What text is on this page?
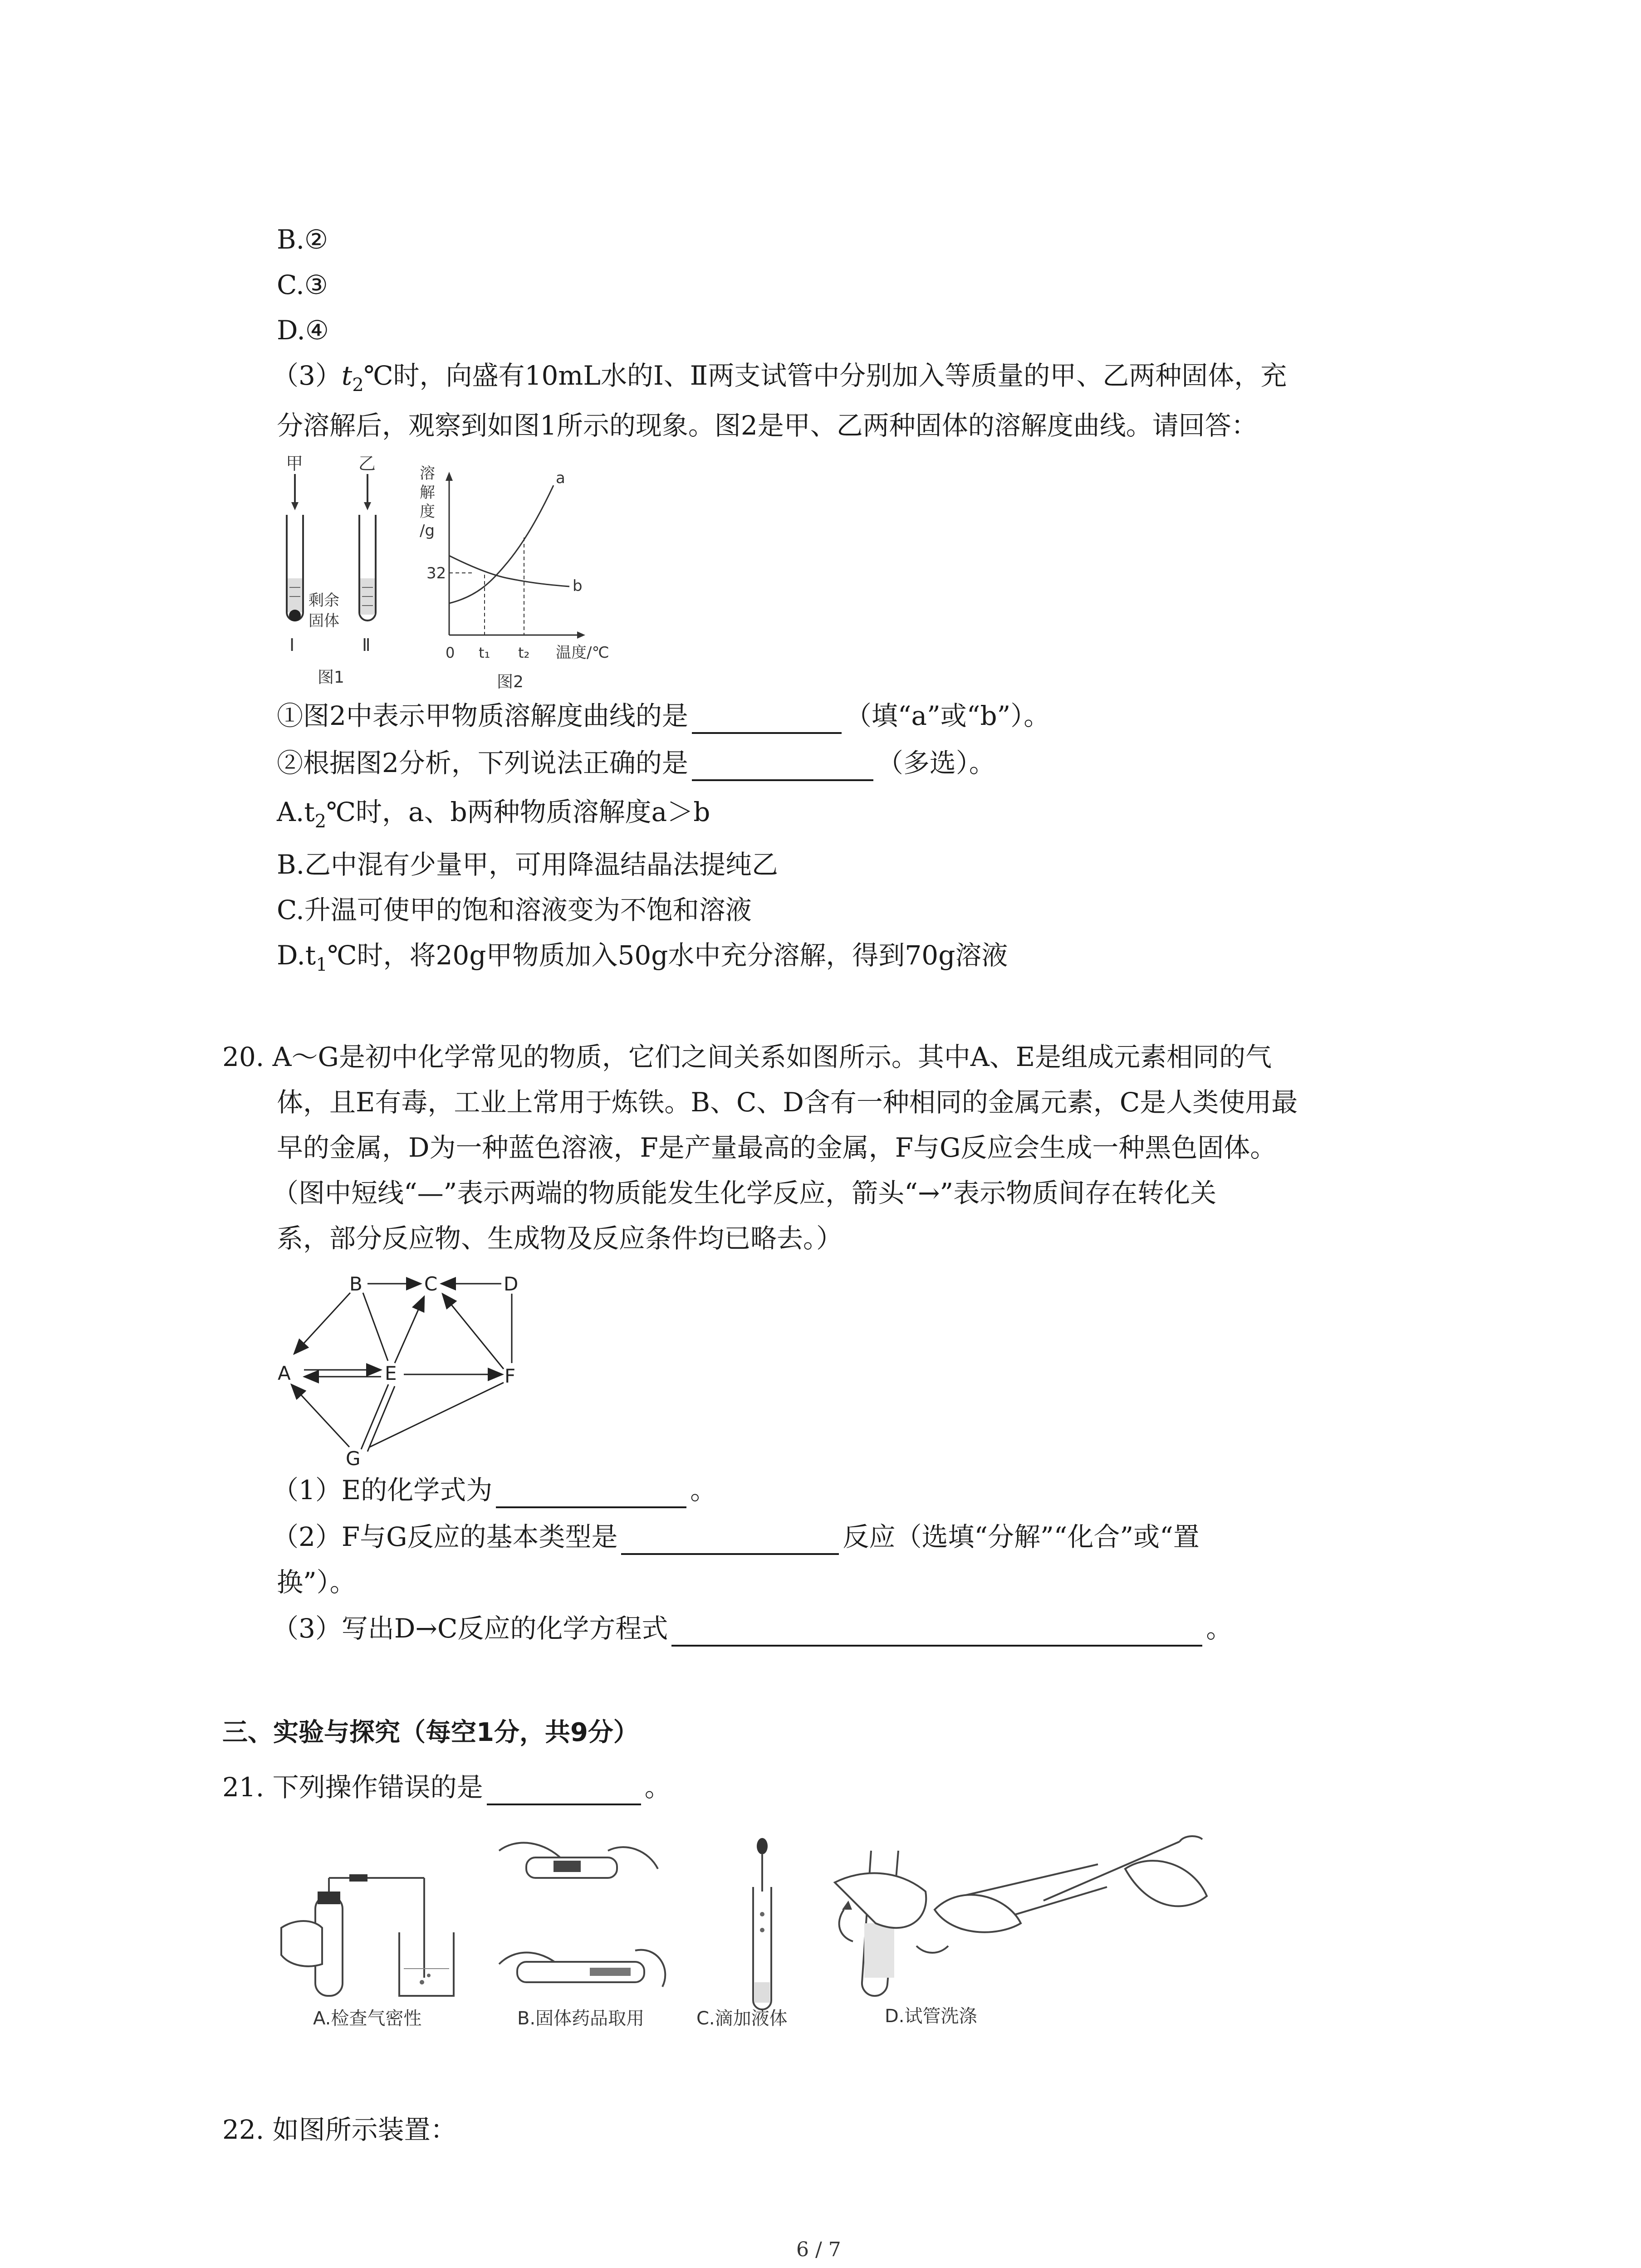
B.②
C.③
D.④
$(3)t_2℃$时，向盛有10mL水的Ⅰ、Ⅱ两支试管中分别加入等质量的甲、乙两种固体，充
分溶解后，观察到如图1所示的现象。图2是甲、乙两种固体的溶解度曲线。请回答：
甲	乙
剩余
固体
Ⅰ	Ⅱ
图1
溶
解
度
/g
32
a
b
0 t₁ t₂ 温度/℃
图2
①图2中表示甲物质溶解度曲线的是	（填“a”或“b”）。
②根据图2分析，下列说法正确的是	（多选）。
$A.t_2℃$时，a、b两种物质溶解度a＞b
B.乙中混有少量甲，可用降温结晶法提纯乙
C.升温可使甲的饱和溶液变为不饱和溶液
$D.t_1℃$时，将20g甲物质加入50g水中充分溶解，得到70g溶液
20. A～G是初中化学常见的物质，它们之间关系如图所示。其中A、E是组成元素相同的气
体，且E有毒，工业上常用于炼铁。B、C、D含有一种相同的金属元素，C是人类使用最
早的金属，D为一种蓝色溶液，F是产量最高的金属，F与G反应会生成一种黑色固体。
（图中短线“—”表示两端的物质能发生化学反应，箭头“→”表示物质间存在转化关
系，部分反应物、生成物及反应条件均已略去。）
B	C	D
A	E	F
G
（1）E的化学式为	。
（2）F与G反应的基本类型是	反应（选填“分解”“化合”或“置
换”）。
（3）写出D→C反应的化学方程式	。
三、实验与探究（每空1分，共9分）
21. 下列操作错误的是	。
A.检查气密性	B.固体药品取用	C.滴加液体	D.试管洗涤
22. 如图所示装置：
6 / 7
